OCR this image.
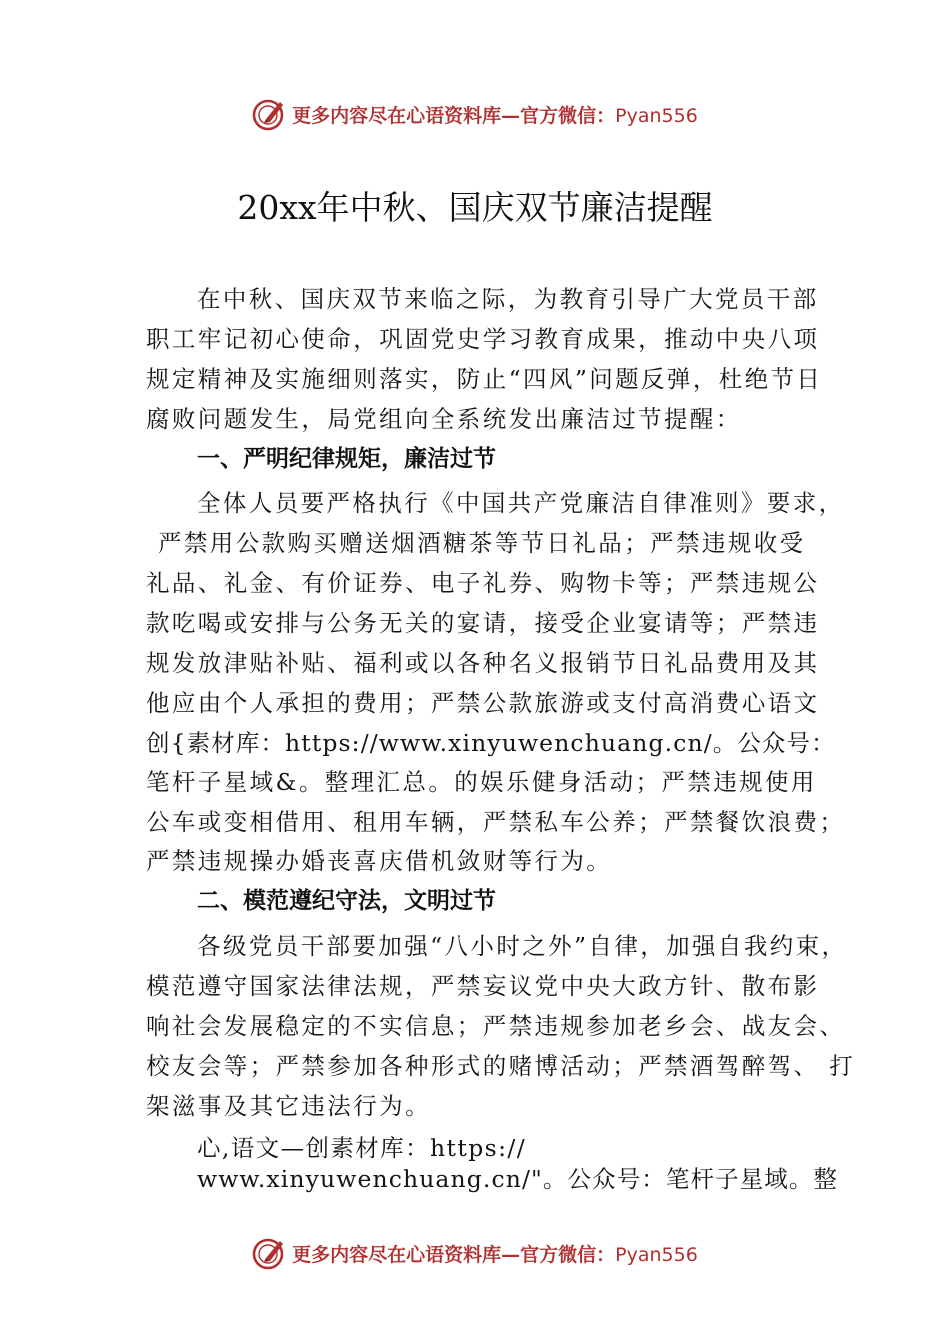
更多内容尽在心语资料库—官方微信：Pyan556
20xx年中秋、国庆双节廉洁提醒
在中秋、国庆双节来临之际，为教育引导广大党员干部
职工牢记初心使命，巩固党史学习教育成果，推动中央八项
规定精神及实施细则落实，防止“四风”问题反弹，杜绝节日
腐败问题发生，局党组向全系统发出廉洁过节提醒：
一、严明纪律规矩，廉洁过节
全体人员要严格执行《中国共产党廉洁自律准则》要求，
严禁用公款购买赠送烟酒糖茶等节日礼品；严禁违规收受
礼品、礼金、有价证券、电子礼券、购物卡等；严禁违规公
款吃喝或安排与公务无关的宴请，接受企业宴请等；严禁违
规发放津贴补贴、福利或以各种名义报销节日礼品费用及其
他应由个人承担的费用；严禁公款旅游或支付高消费心语文
创{素材库：https://www.xinyuwenchuang.cn/。公众号：
笔杆子星域&。整理汇总。的娱乐健身活动；严禁违规使用
公车或变相借用、租用车辆，严禁私车公养；严禁餐饮浪费；
严禁违规操办婚丧喜庆借机敛财等行为。
二、模范遵纪守法，文明过节
各级党员干部要加强“八小时之外”自律，加强自我约束，
模范遵守国家法律法规，严禁妄议党中央大政方针、散布影
响社会发展稳定的不实信息；严禁违规参加老乡会、战友会、
校友会等；严禁参加各种形式的赌博活动；严禁酒驾醉驾、 打
架滋事及其它违法行为。
心,语文—创素材库：https://
www.xinyuwenchuang.cn/"。公众号：笔杆子星域。整
更多内容尽在心语资料库—官方微信：Pyan556
